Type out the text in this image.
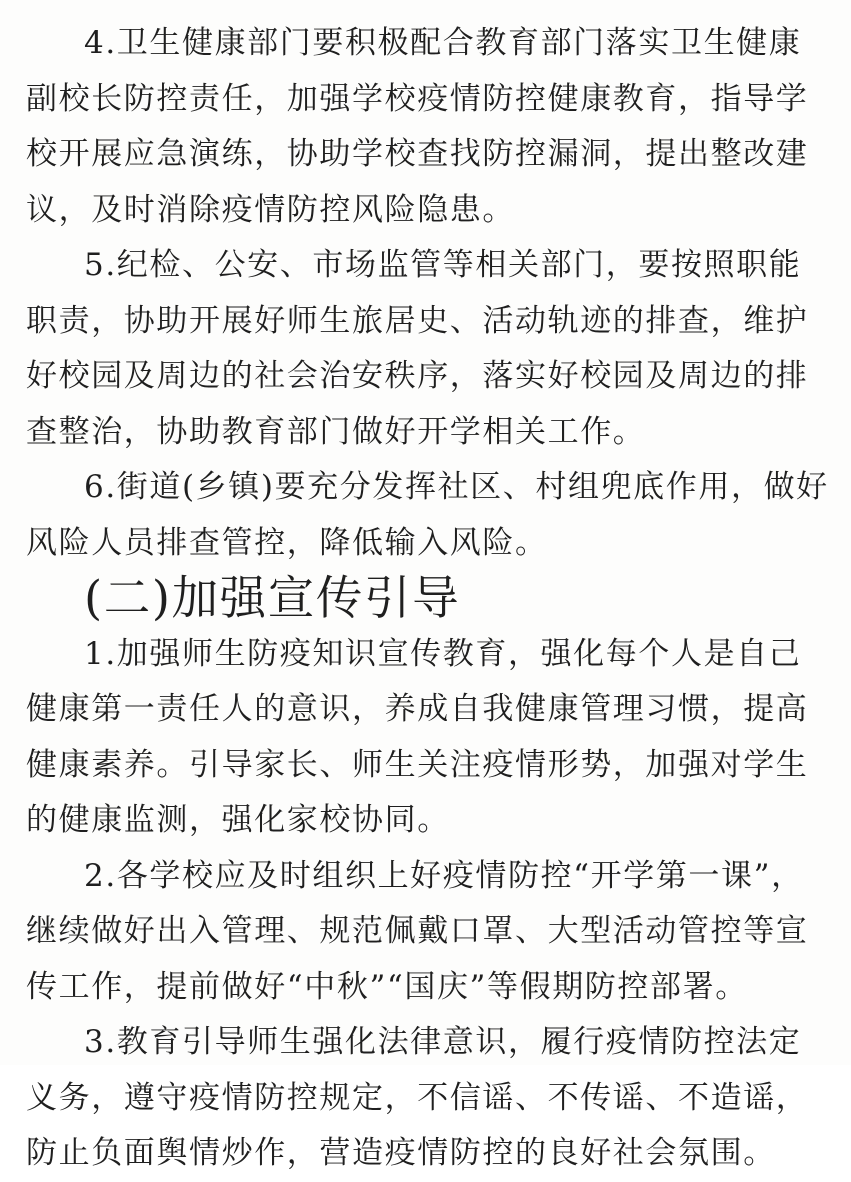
4.卫生健康部门要积极配合教育部门落实卫生健康副校长防控责任，加强学校疫情防控健康教育，指导学校开展应急演练，协助学校查找防控漏洞，提出整改建议，及时消除疫情防控风险隐患。

5.纪检、公安、市场监管等相关部门，要按照职能职责，协助开展好师生旅居史、活动轨迹的排查，维护好校园及周边的社会治安秩序，落实好校园及周边的排查整治，协助教育部门做好开学相关工作。

6.街道(乡镇)要充分发挥社区、村组兜底作用，做好风险人员排查管控，降低输入风险。

(二)加强宣传引导

1.加强师生防疫知识宣传教育，强化每个人是自己健康第一责任人的意识，养成自我健康管理习惯，提高健康素养。引导家长、师生关注疫情形势，加强对学生的健康监测，强化家校协同。

2.各学校应及时组织上好疫情防控“开学第一课”，继续做好出入管理、规范佩戴口罩、大型活动管控等宣传工作，提前做好“中秋”“国庆”等假期防控部署。

3.教育引导师生强化法律意识，履行疫情防控法定义务，遵守疫情防控规定，不信谣、不传谣、不造谣，防止负面舆情炒作，营造疫情防控的良好社会氛围。
